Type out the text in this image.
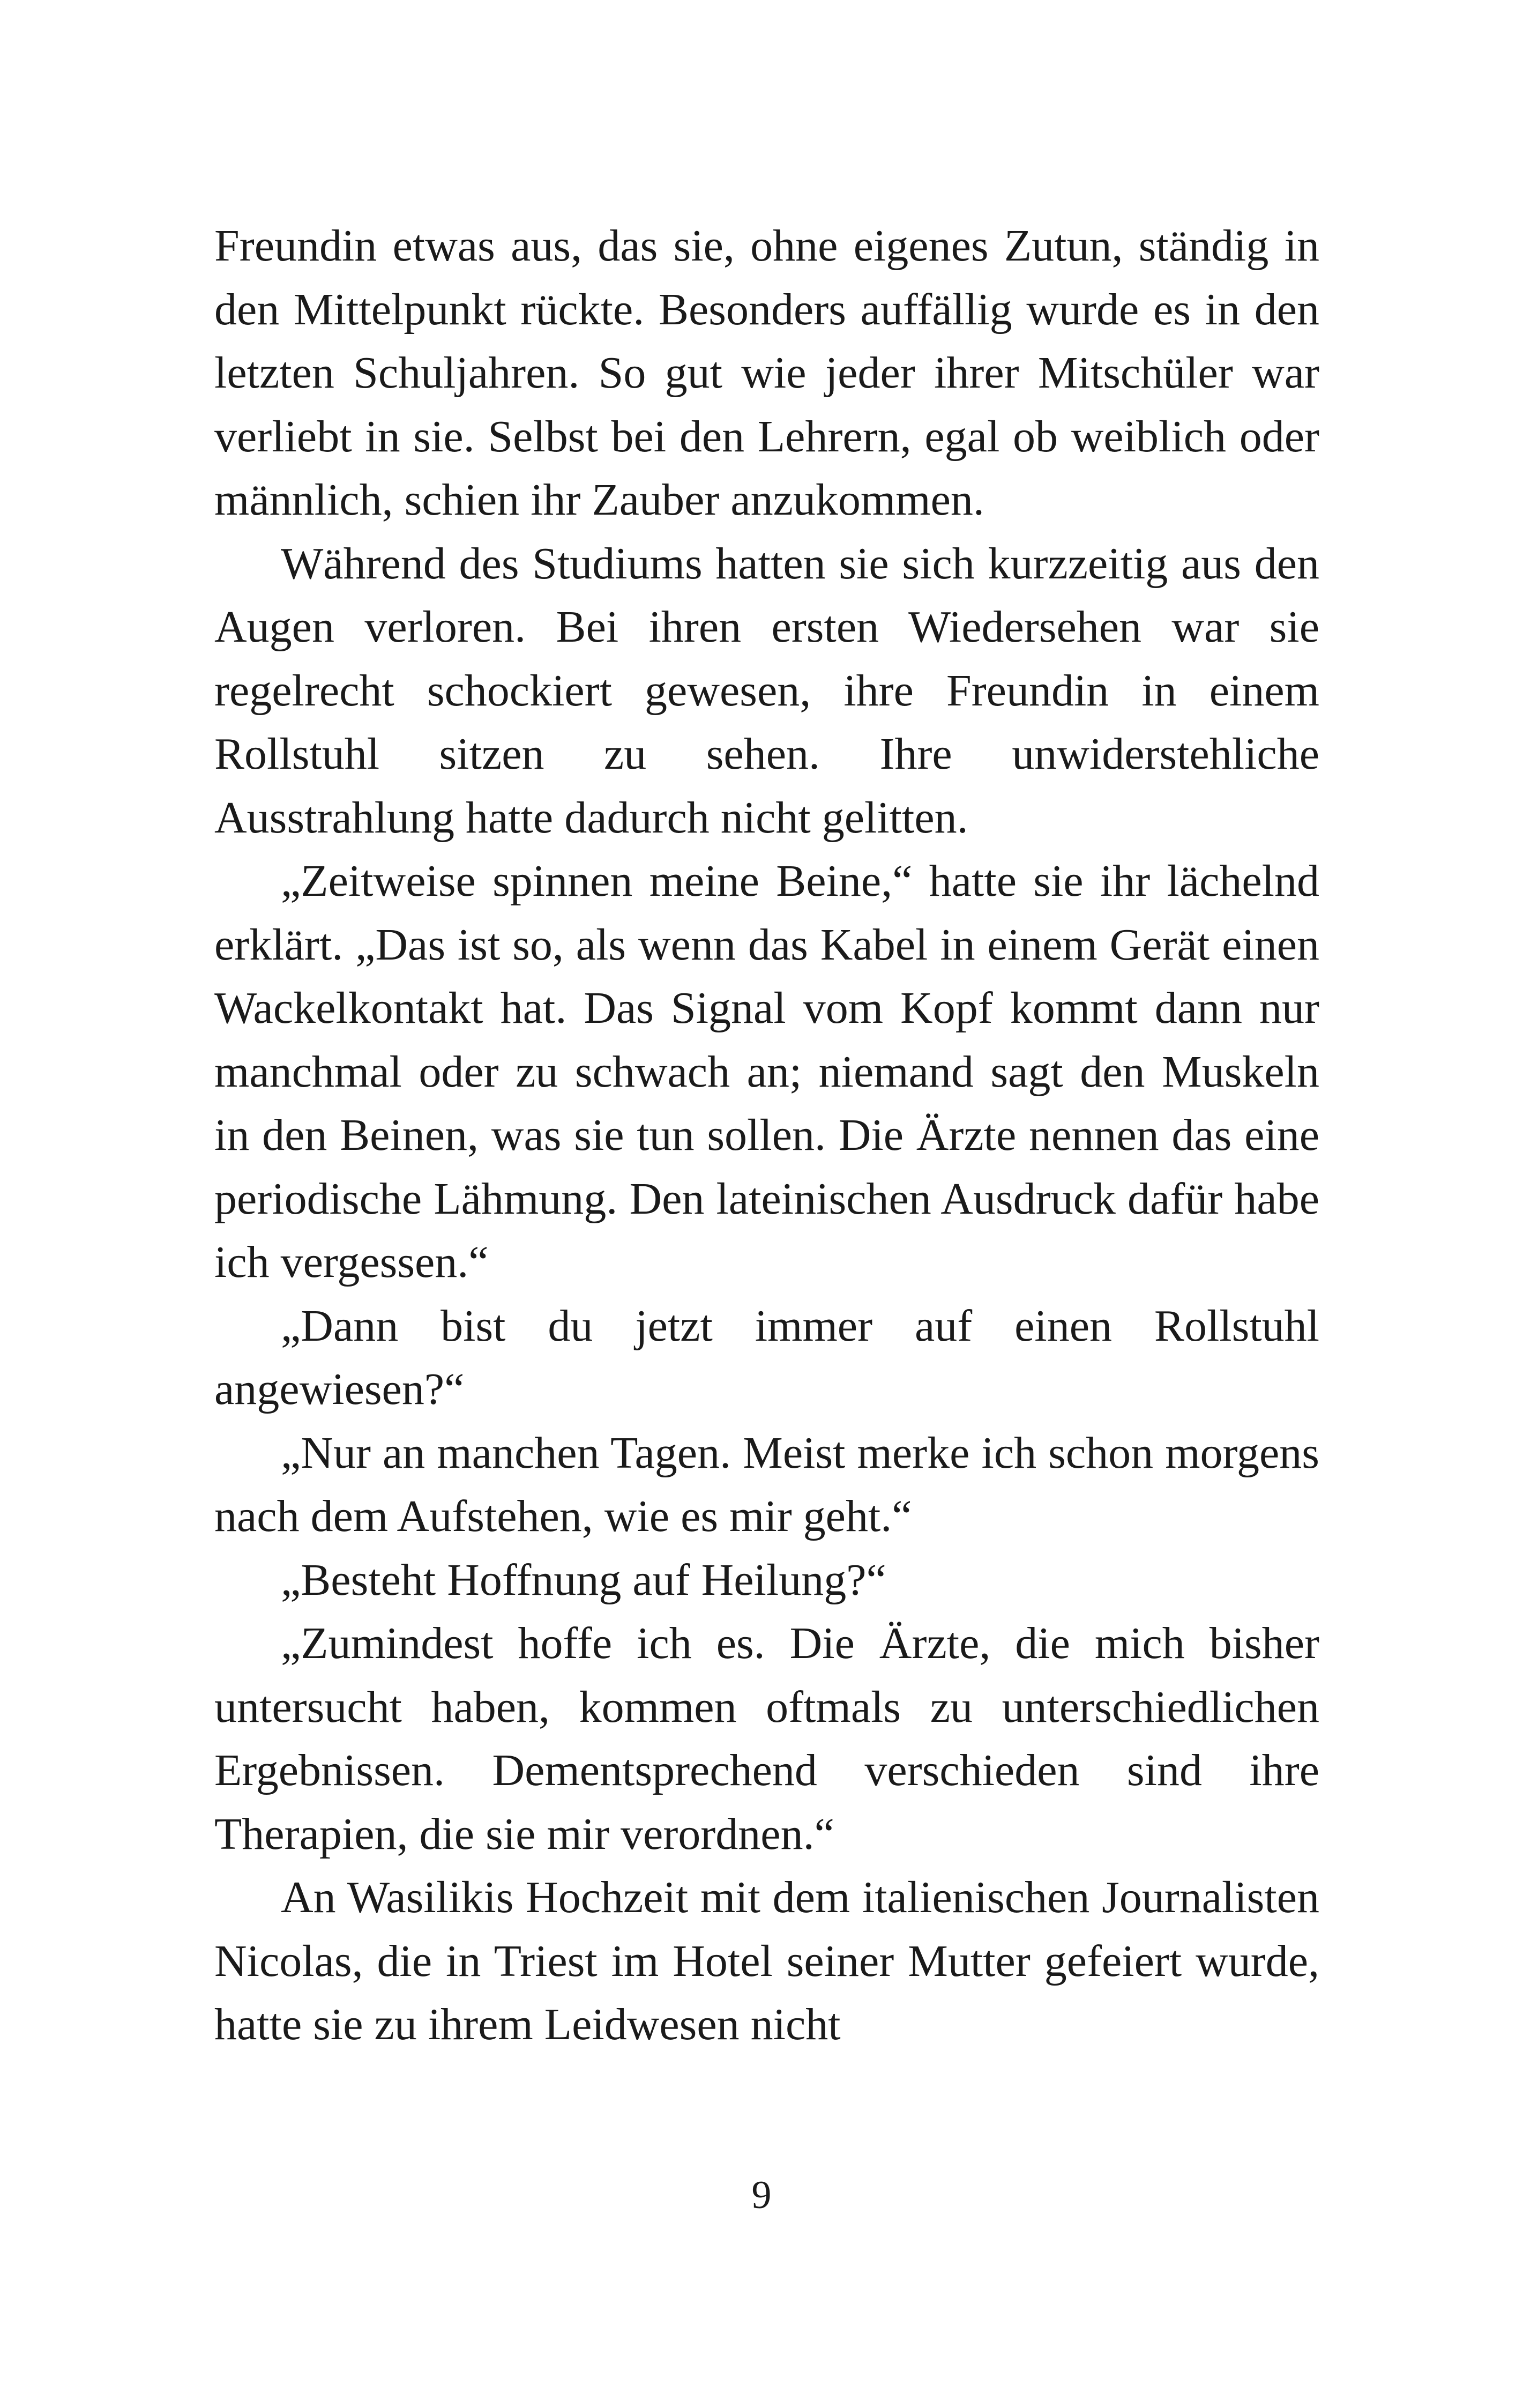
Freundin etwas aus, das sie, ohne eigenes Zutun, ständig in den Mittelpunkt rückte. Besonders auffällig wurde es in den letzten Schuljahren. So gut wie jeder ihrer Mitschüler war verliebt in sie. Selbst bei den Lehrern, egal ob weiblich oder männlich, schien ihr Zauber anzukommen.

Während des Studiums hatten sie sich kurzzeitig aus den Augen verloren. Bei ihren ersten Wiedersehen war sie regelrecht schockiert gewesen, ihre Freundin in einem Rollstuhl sitzen zu sehen. Ihre unwiderstehliche Ausstrahlung hatte dadurch nicht gelitten.

„Zeitweise spinnen meine Beine,“ hatte sie ihr lächelnd erklärt. „Das ist so, als wenn das Kabel in einem Gerät einen Wackelkontakt hat. Das Signal vom Kopf kommt dann nur manchmal oder zu schwach an; niemand sagt den Muskeln in den Beinen, was sie tun sollen. Die Ärzte nennen das eine periodische Lähmung. Den lateinischen Ausdruck dafür habe ich vergessen.“

„Dann bist du jetzt immer auf einen Rollstuhl angewiesen?“

„Nur an manchen Tagen. Meist merke ich schon morgens nach dem Aufstehen, wie es mir geht.“

„Besteht Hoffnung auf Heilung?“

„Zumindest hoffe ich es. Die Ärzte, die mich bisher untersucht haben, kommen oftmals zu unterschiedlichen Ergebnissen. Dementsprechend verschieden sind ihre Therapien, die sie mir verordnen.“

An Wasilikis Hochzeit mit dem italienischen Journalisten Nicolas, die in Triest im Hotel seiner Mutter gefeiert wurde, hatte sie zu ihrem Leidwesen nicht

9
